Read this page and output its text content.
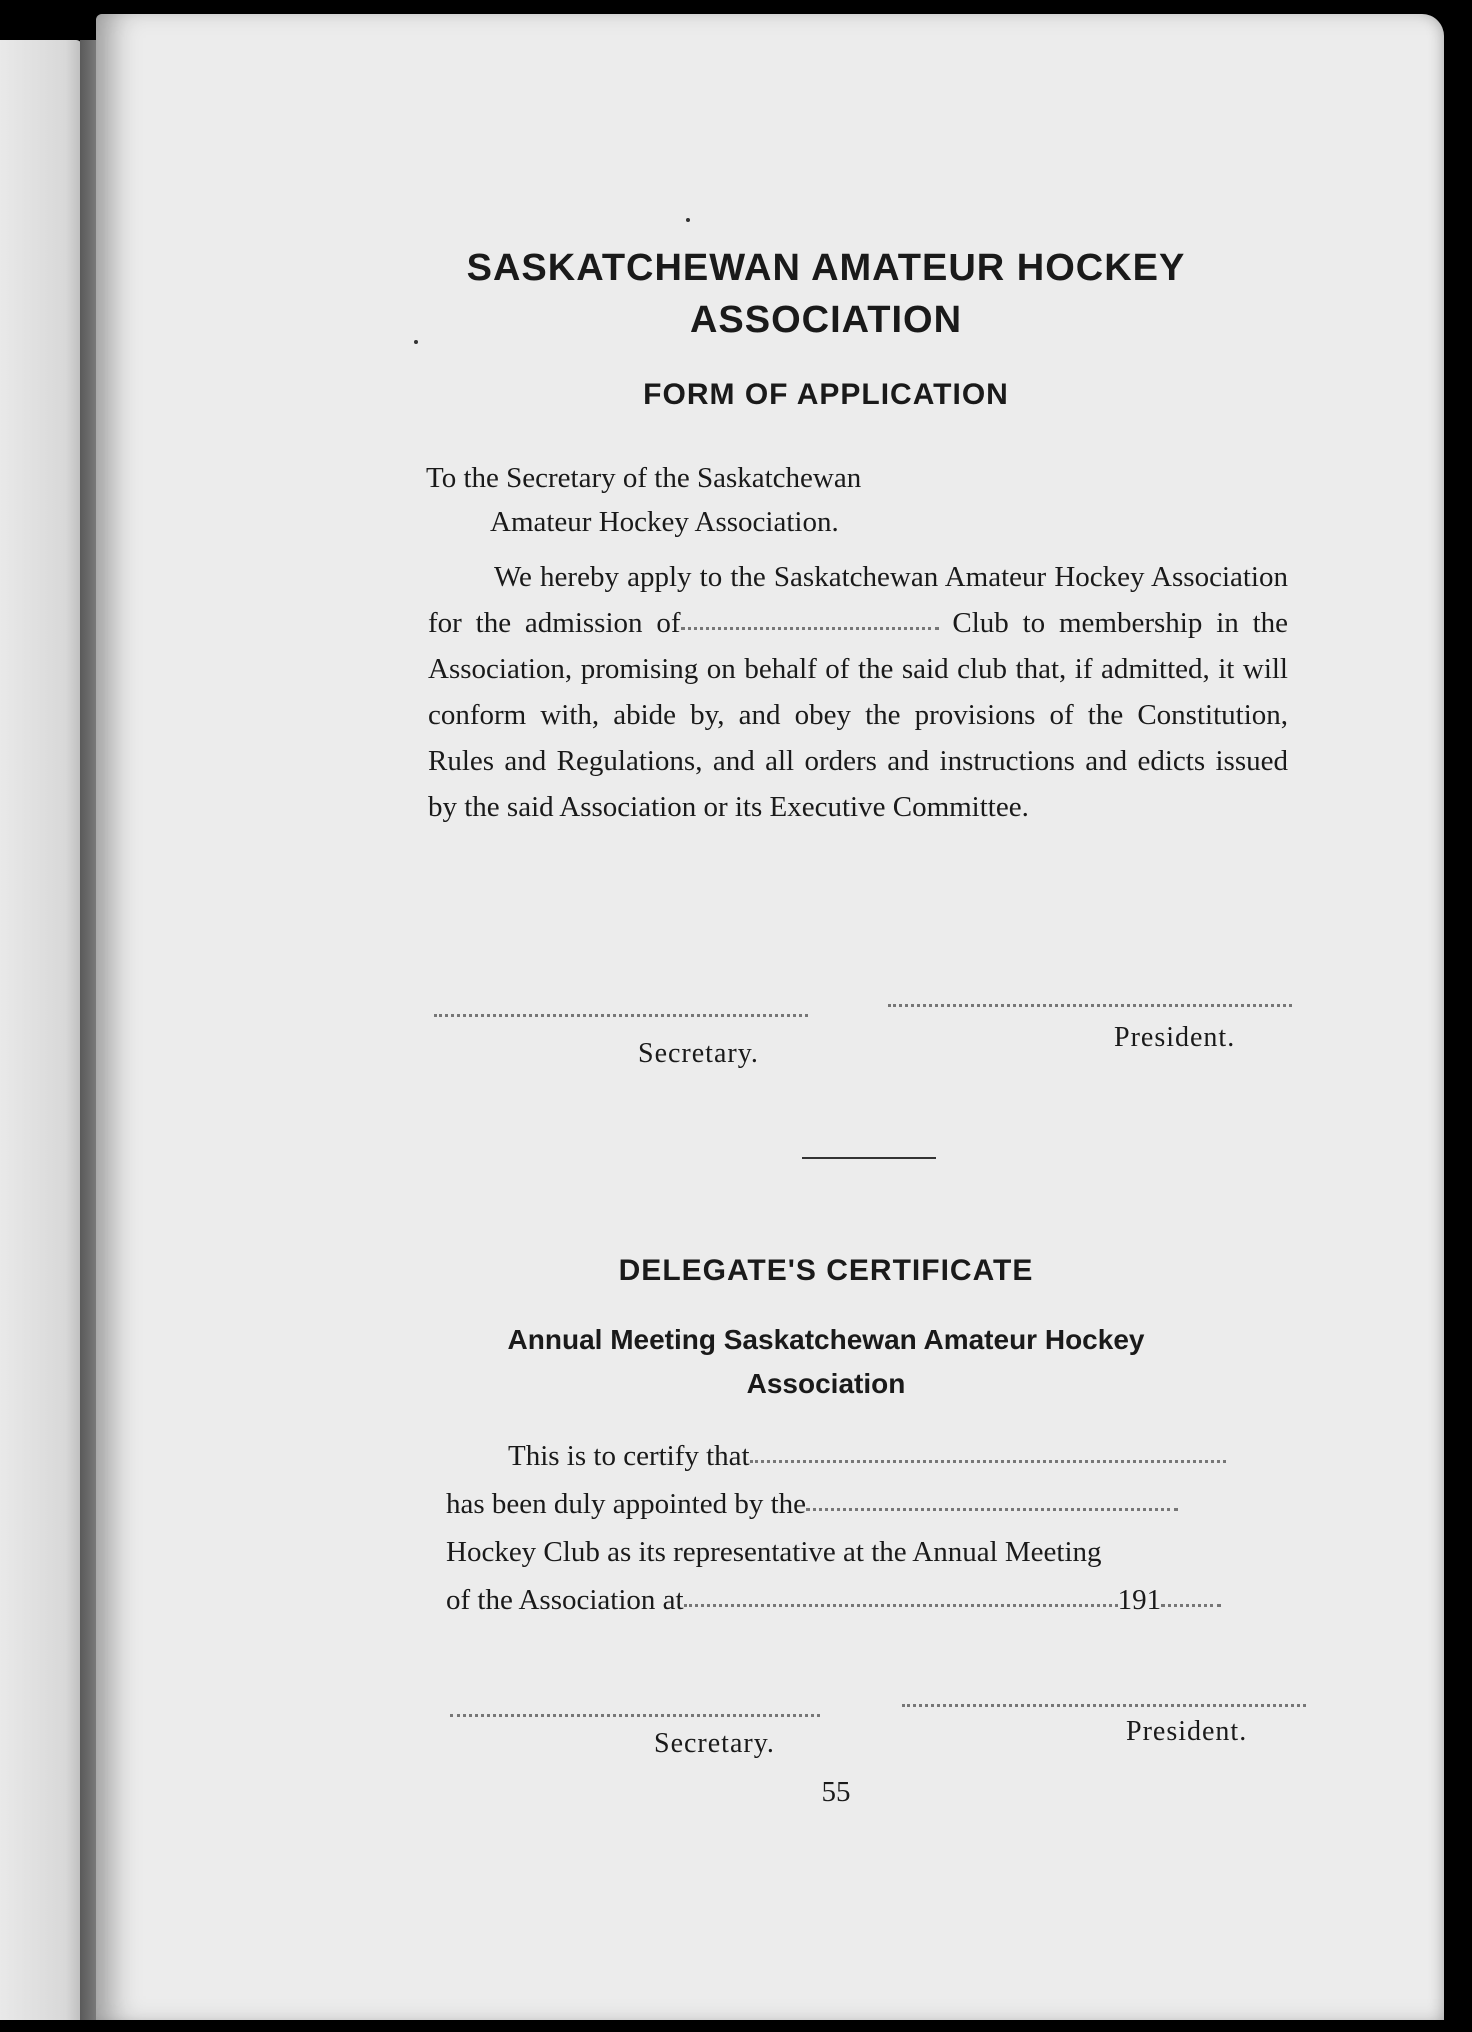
SASKATCHEWAN AMATEUR HOCKEY
ASSOCIATION
FORM OF APPLICATION
To the Secretary of the Saskatchewan
Amateur Hockey Association.
We hereby apply to the Saskatchewan Amateur Hockey Association for the admission of	Club to membership in the Association, promising on behalf of the said club that, if admitted, it will conform with, abide by, and obey the provisions of the Constitution, Rules and Regulations, and all orders and instructions and edicts issued by the said Association or its Executive Committee.
Secretary.
President.
DELEGATE'S CERTIFICATE
Annual Meeting Saskatchewan Amateur Hockey
Association
This is to certify that
has been duly appointed by the
Hockey Club as its representative at the Annual Meeting
of the Association at	191
Secretary.	President.
55
